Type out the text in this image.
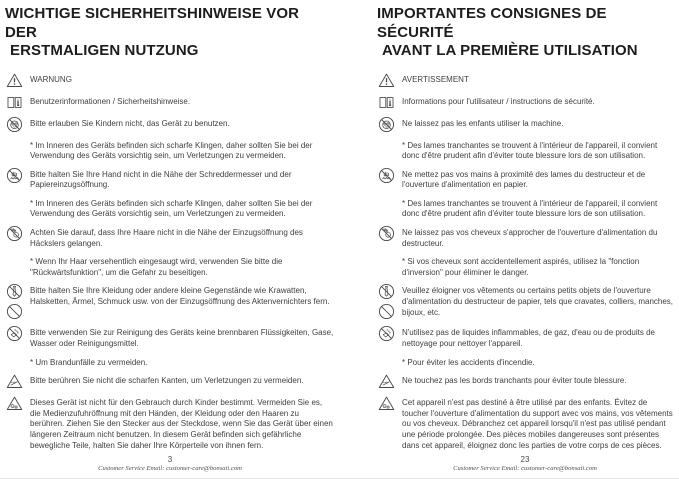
WICHTIGE SICHERHEITSHINWEISE VOR DER
ERSTMALIGEN NUTZUNG

WARNUNG

Benutzerinformationen / Sicherheitshinweise.

Bitte erlauben Sie Kindern nicht, das Gerät zu benutzen.

* Im Inneren des Geräts befinden sich scharfe Klingen, daher sollten Sie bei der Verwendung des Geräts vorsichtig sein, um Verletzungen zu vermeiden.

Bitte halten Sie Ihre Hand nicht in die Nähe der Schreddermesser und der Papiereinzugsöffnung.

* Im Inneren des Geräts befinden sich scharfe Klingen, daher sollten Sie bei der Verwendung des Geräts vorsichtig sein, um Verletzungen zu vermeiden.

Achten Sie darauf, dass Ihre Haare nicht in die Nähe der Einzugsöffnung des Häckslers gelangen.

* Wenn Ihr Haar versehentlich eingesaugt wird, verwenden Sie bitte die "Rückwärtsfunktion", um die Gefahr zu beseitigen.

Bitte halten Sie Ihre Kleidung oder andere kleine Gegenstände wie Krawatten, Halsketten, Ärmel, Schmuck usw. von der Einzugsöffnung des Aktenvernichters fern.

Bitte verwenden Sie zur Reinigung des Geräts keine brennbaren Flüssigkeiten, Gase, Wasser oder Reinigungsmittel.

* Um Brandunfälle zu vermeiden.

Bitte berühren Sie nicht die scharfen Kanten, um Verletzungen zu vermeiden.

Dieses Gerät ist nicht für den Gebrauch durch Kinder bestimmt. Vermeiden Sie es, die Medienzufuhröffnung mit den Händen, der Kleidung oder den Haaren zu berühren. Ziehen Sie den Stecker aus der Steckdose, wenn Sie das Gerät über einen längeren Zeitraum nicht benutzen. In diesem Gerät befinden sich gefährliche bewegliche Teile, halten Sie daher Ihre Körperteile von ihnen fern.

3
Customer Service Email: customer-care@bonsaii.com
IMPORTANTES CONSIGNES DE SÉCURITÉ
AVANT LA PREMIÈRE UTILISATION

AVERTISSEMENT

Informations pour l'utilisateur / instructions de sécurité.

Ne laissez pas les enfants utiliser la machine.

* Des lames tranchantes se trouvent à l'intérieur de l'appareil, il convient donc d'être prudent afin d'éviter toute blessure lors de son utilisation.

Ne mettez pas vos mains à proximité des lames du destructeur et de l'ouverture d'alimentation en papier.

* Des lames tranchantes se trouvent à l'intérieur de l'appareil, il convient donc d'être prudent afin d'éviter toute blessure lors de son utilisation.

Ne laissez pas vos cheveux s'approcher de l'ouverture d'alimentation du destructeur.

* Si vos cheveux sont accidentellement aspirés, utilisez la "fonction d'inversion" pour éliminer le danger.

Veuillez éloigner vos vêtements ou certains petits objets de l'ouverture d'alimentation du destructeur de papier, tels que cravates, colliers, manches, bijoux, etc.

N'utilisez pas de liquides inflammables, de gaz, d'eau ou de produits de nettoyage pour nettoyer l'appareil.

* Pour éviter les accidents d'incendie.

Ne touchez pas les bords tranchants pour éviter toute blessure.

Cet appareil n'est pas destiné à être utilisé par des enfants. Évitez de toucher l'ouverture d'alimentation du support avec vos mains, vos vêtements ou vos cheveux. Débranchez cet appareil lorsqu'il n'est pas utilisé pendant une période prolongée. Des pièces mobiles dangereuses sont présentes dans cet appareil, éloignez donc les parties de votre corps de ces pièces.

23
Customer Service Email: customer-care@bonsaii.com
